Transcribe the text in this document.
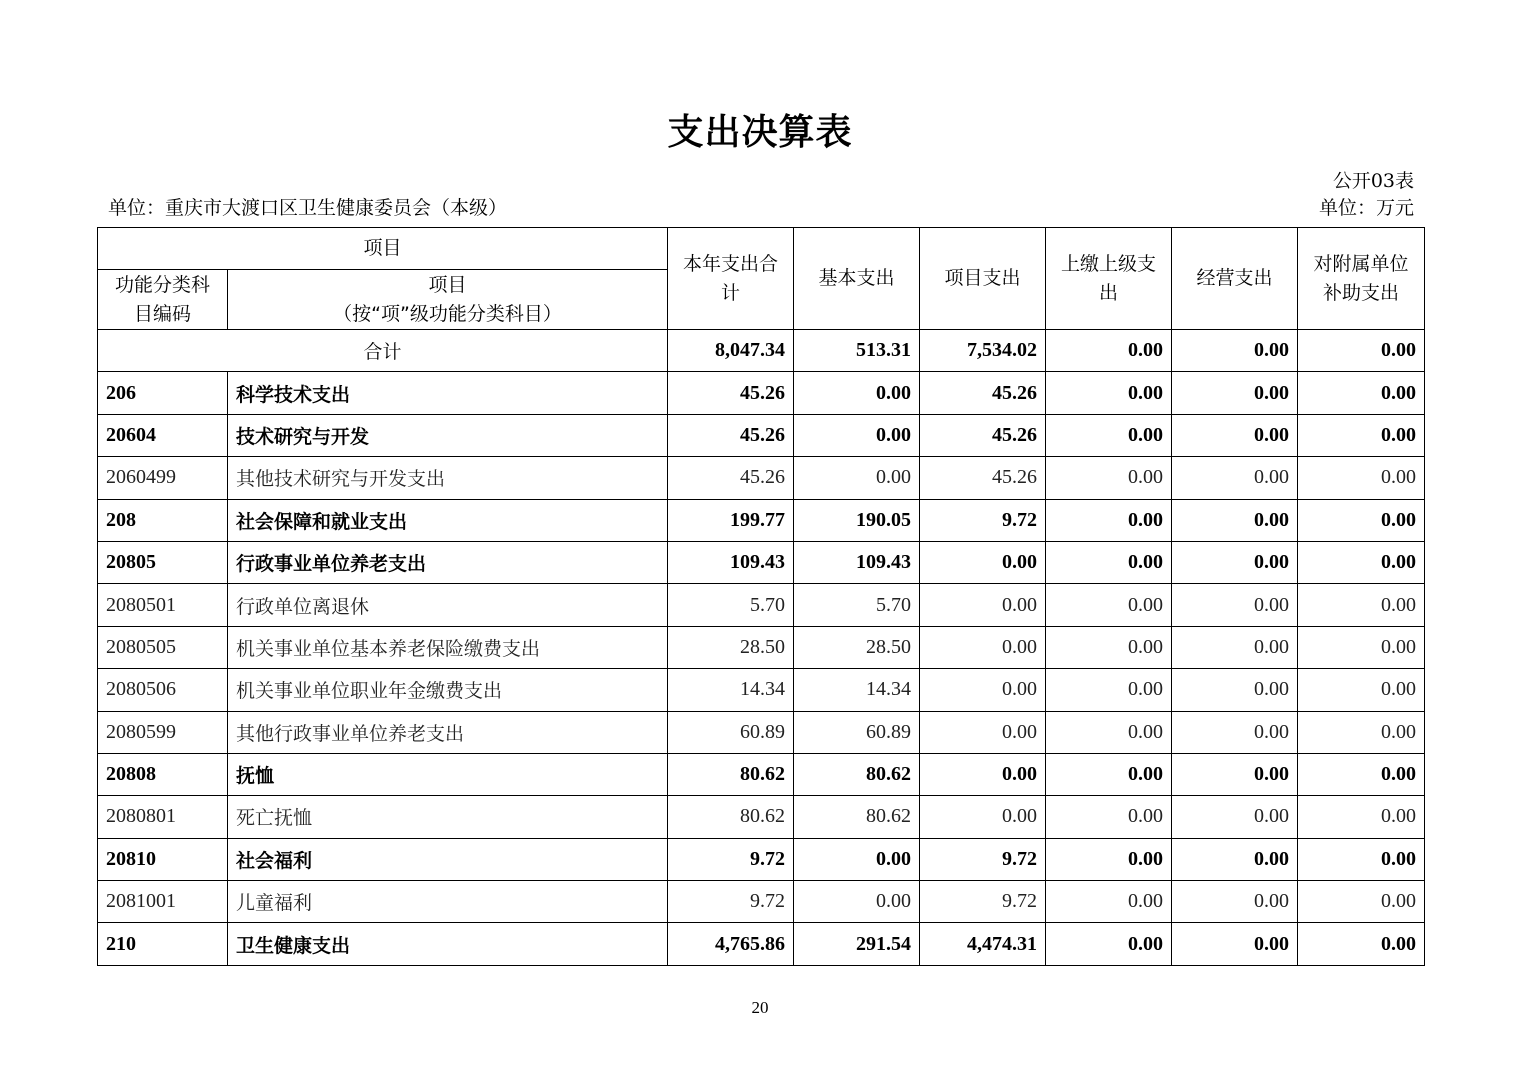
支出决算表
公开03表
单位：重庆市大渡口区卫生健康委员会（本级）	单位：万元
项目		本年支出合计	基本支出	项目支出	上缴上级支出	经营支出	对附属单位补助支出
功能分类科目编码	项目
（按“项”级功能分类科目）						

合计		8,047.34	513.31	7,534.02	0.00	0.00	0.00
206	科学技术支出	45.26	0.00	45.26	0.00	0.00	0.00
20604	技术研究与开发	45.26	0.00	45.26	0.00	0.00	0.00
2060499	其他技术研究与开发支出	45.26	0.00	45.26	0.00	0.00	0.00
208	社会保障和就业支出	199.77	190.05	9.72	0.00	0.00	0.00
20805	行政事业单位养老支出	109.43	109.43	0.00	0.00	0.00	0.00
2080501	行政单位离退休	5.70	5.70	0.00	0.00	0.00	0.00
2080505	机关事业单位基本养老保险缴费支出	28.50	28.50	0.00	0.00	0.00	0.00
2080506	机关事业单位职业年金缴费支出	14.34	14.34	0.00	0.00	0.00	0.00
2080599	其他行政事业单位养老支出	60.89	60.89	0.00	0.00	0.00	0.00
20808	抚恤	80.62	80.62	0.00	0.00	0.00	0.00
2080801	死亡抚恤	80.62	80.62	0.00	0.00	0.00	0.00
20810	社会福利	9.72	0.00	9.72	0.00	0.00	0.00
2081001	儿童福利	9.72	0.00	9.72	0.00	0.00	0.00
210	卫生健康支出	4,765.86	291.54	4,474.31	0.00	0.00	0.00
20
